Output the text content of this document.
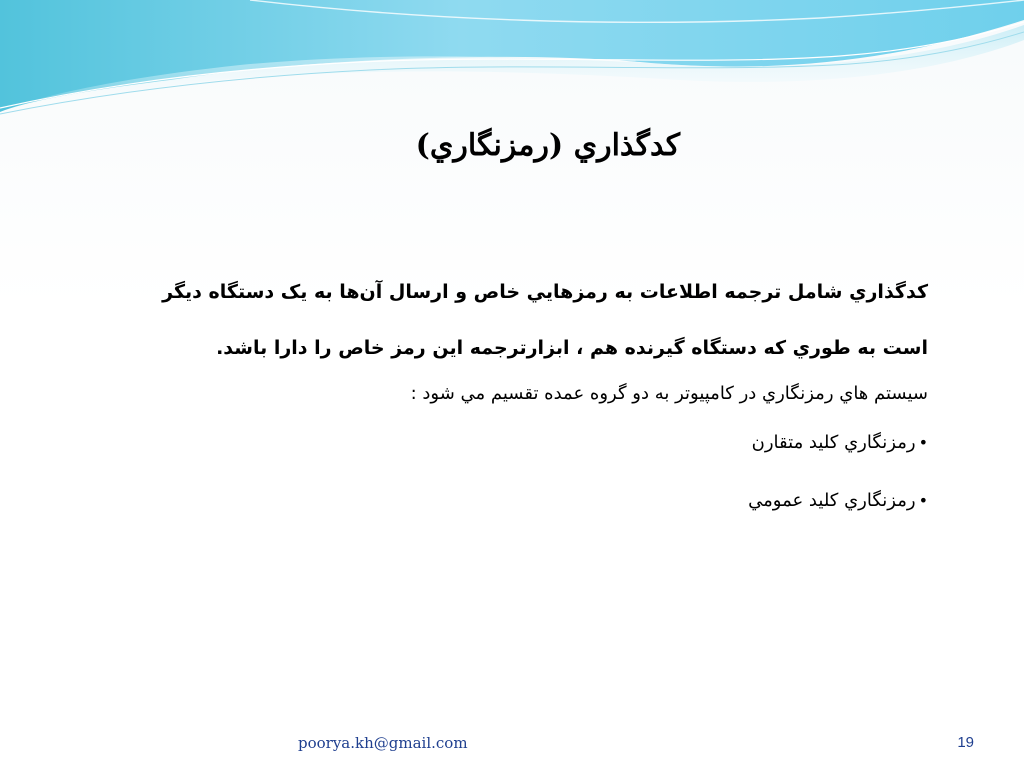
كدگذاري (رمزنگاري)

كدگذاري شامل ترجمه اطلاعات به رمزهايي خاص و ارسال آن‌ها به يک دستگاه ديگر
است به طوري كه دستگاه گيرنده هم ، ابزارترجمه اين رمز خاص را دارا باشد.

سيستم هاي رمزنگاري در كامپيوتر به دو گروه عمده تقسيم مي شود :

•رمزنگاري كليد متقارن
•رمزنگاري كليد عمومي
poorya.kh@gmail.com	19
